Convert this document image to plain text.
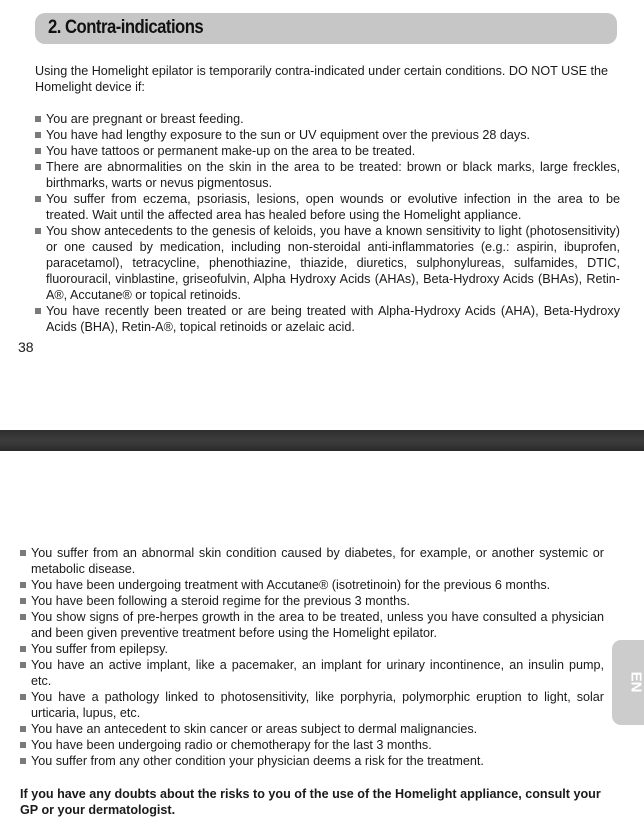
2. Contra-indications

Using the Homelight epilator is temporarily contra-indicated under certain conditions. DO NOT USE the Homelight device if:

You are pregnant or breast feeding.
You have had lengthy exposure to the sun or UV equipment over the previous 28 days.
You have tattoos or permanent make-up on the area to be treated.
There are abnormalities on the skin in the area to be treated: brown or black marks, large freckles, birthmarks, warts or nevus pigmentosus.
You suffer from eczema, psoriasis, lesions, open wounds or evolutive infection in the area to be treated. Wait until the affected area has healed before using the Homelight appliance.
You show antecedents to the genesis of keloids, you have a known sensitivity to light (photosensitivity) or one caused by medication, including non-steroidal anti-inflammatories (e.g.: aspirin, ibuprofen, paracetamol), tetracycline, phenothiazine, thiazide, diuretics, sulphonylureas, sulfamides, DTIC, fluorouracil, vinblastine, griseofulvin, Alpha Hydroxy Acids (AHAs), Beta-Hydroxy Acids (BHAs), Retin-A®, Accutane® or topical retinoids.
You have recently been treated or are being treated with Alpha-Hydroxy Acids (AHA), Beta-Hydroxy Acids (BHA), Retin-A®, topical retinoids or azelaic acid.
38
You suffer from an abnormal skin condition caused by diabetes, for example, or another systemic or metabolic disease.
You have been undergoing treatment with Accutane® (isotretinoin) for the previous 6 months.
You have been following a steroid regime for the previous 3 months.
You show signs of pre-herpes growth in the area to be treated, unless you have consulted a physician and been given preventive treatment before using the Homelight epilator.
You suffer from epilepsy.
You have an active implant, like a pacemaker, an implant for urinary incontinence, an insulin pump, etc.
You have a pathology linked to photosensitivity, like porphyria, polymorphic eruption to light, solar urticaria, lupus, etc.
You have an antecedent to skin cancer or areas subject to dermal malignancies.
You have been undergoing radio or chemotherapy for the last 3 months.
You suffer from any other condition your physician deems a risk for the treatment.
EN

If you have any doubts about the risks to you of the use of the Homelight appliance, consult your GP or your dermatologist.
